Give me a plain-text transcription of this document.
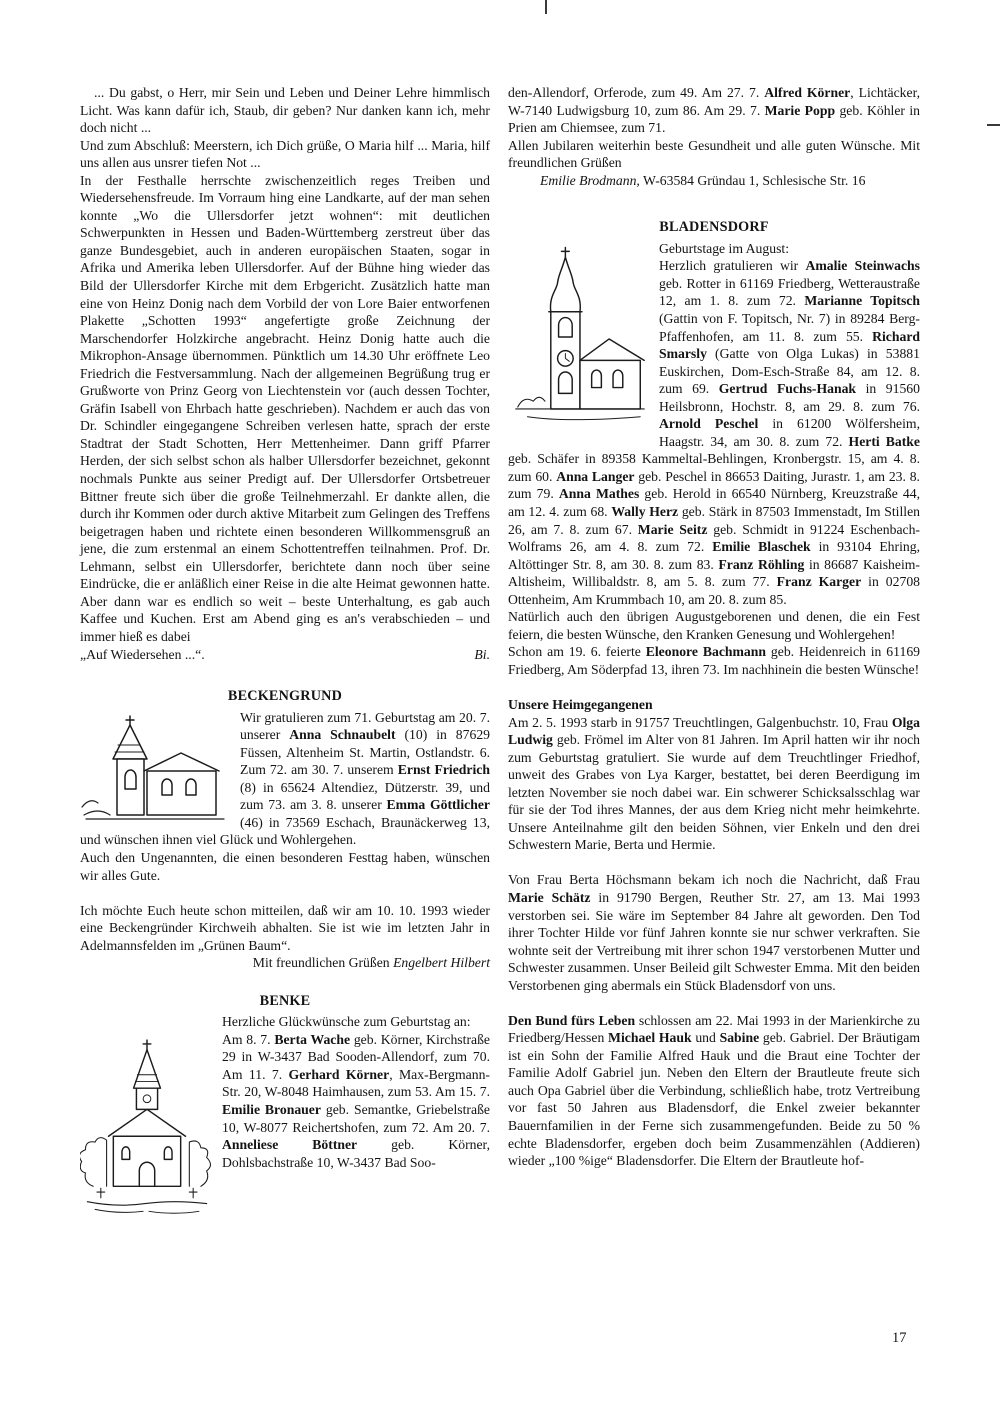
... Du gabst, o Herr, mir Sein und Leben und Deiner Lehre himmlisch Licht. Was kann dafür ich, Staub, dir geben? Nur danken kann ich, mehr doch nicht ...

Und zum Abschluß: Meerstern, ich Dich grüße, O Maria hilf ... Maria, hilf uns allen aus unsrer tiefen Not ...

In der Festhalle herrschte zwischenzeitlich reges Treiben und Wiedersehensfreude. Im Vorraum hing eine Landkarte, auf der man sehen konnte „Wo die Ullersdorfer jetzt wohnen“: mit deutlichen Schwerpunkten in Hessen und Baden-Württemberg zerstreut über das ganze Bundesgebiet, auch in anderen europäischen Staaten, sogar in Afrika und Amerika leben Ullersdorfer. Auf der Bühne hing wieder das Bild der Ullersdorfer Kirche mit dem Erbgericht. Zusätzlich hatte man eine von Heinz Donig nach dem Vorbild der von Lore Baier entworfenen Plakette „Schotten 1993“ angefertigte große Zeichnung der Marschendorfer Holzkirche angebracht. Heinz Donig hatte auch die Mikrophon-Ansage übernommen. Pünktlich um 14.30 Uhr eröffnete Leo Friedrich die Festversammlung. Nach der allgemeinen Begrüßung trug er Grußworte von Prinz Georg von Liechtenstein vor (auch dessen Tochter, Gräfin Isabell von Ehrbach hatte geschrieben). Nachdem er auch das von Dr. Schindler eingegangene Schreiben verlesen hatte, sprach der erste Stadtrat der Stadt Schotten, Herr Mettenheimer. Dann griff Pfarrer Herden, der sich selbst schon als halber Ullersdorfer bezeichnet, gekonnt nochmals Punkte aus seiner Predigt auf. Der Ullersdorfer Ortsbetreuer Bittner freute sich über die große Teilnehmerzahl. Er dankte allen, die durch ihr Kommen oder durch aktive Mitarbeit zum Gelingen des Treffens beigetragen haben und richtete einen besonderen Willkommensgruß an jene, die zum erstenmal an einem Schottentreffen teilnahmen. Prof. Dr. Lehmann, selbst ein Ullersdorfer, berichtete dann noch über seine Eindrücke, die er anläßlich einer Reise in die alte Heimat gewonnen hatte. Aber dann war es endlich so weit – beste Unterhaltung, es gab auch Kaffee und Kuchen. Erst am Abend ging es an's verabschieden – und immer hieß es dabei

„Auf Wiedersehen ...“.	Bi.
BECKENGRUND

Wir gratulieren zum 71. Geburtstag am 20. 7. unserer Anna Schnaubelt (10) in 87629 Füssen, Altenheim St. Martin, Ostlandstr. 6. Zum 72. am 30. 7. unserem Ernst Friedrich (8) in 65624 Altendiez, Dützerstr. 39, und zum 73. am 3. 8. unserer Emma Göttlicher (46) in 73569 Eschach, Braunäckerweg 13, und wünschen ihnen viel Glück und Wohlergehen.

Auch den Ungenannten, die einen besonderen Festtag haben, wünschen wir alles Gute.

Ich möchte Euch heute schon mitteilen, daß wir am 10. 10. 1993 wieder eine Beckengründer Kirchweih abhalten. Sie ist wie im letzten Jahr in Adelmannsfelden im „Grünen Baum“.

Mit freundlichen Grüßen Engelbert Hilbert

BENKE

Herzliche Glückwünsche zum Geburtstag an:

Am 8. 7. Berta Wache geb. Körner, Kirchstraße 29 in W-3437 Bad Sooden-Allendorf, zum 70. Am 11. 7. Gerhard Körner, Max-Bergmann-Str. 20, W-8048 Haimhausen, zum 53. Am 15. 7. Emilie Bronauer geb. Semantke, Griebelstraße 10, W-8077 Reichertshofen, zum 72. Am 20. 7. Anneliese Böttner geb. Körner, Dohlsbachstraße 10, W-3437 Bad Soo-

den-Allendorf, Orferode, zum 49. Am 27. 7. Alfred Körner, Lichtäcker, W-7140 Ludwigsburg 10, zum 86. Am 29. 7. Marie Popp geb. Köhler in Prien am Chiemsee, zum 71.

Allen Jubilaren weiterhin beste Gesundheit und alle guten Wünsche. Mit freundlichen Grüßen

Emilie Brodmann, W-63584 Gründau 1, Schlesische Str. 16

BLADENSDORF

Geburtstage im August:

Herzlich gratulieren wir Amalie Steinwachs geb. Rotter in 61169 Friedberg, Wetteraustraße 12, am 1. 8. zum 72. Marianne Topitsch (Gattin von F. Topitsch, Nr. 7) in 89284 Berg-Pfaffenhofen, am 11. 8. zum 55. Richard Smarsly (Gatte von Olga Lukas) in 53881 Euskirchen, Dom-Esch-Straße 84, am 12. 8. zum 69. Gertrud Fuchs-Hanak in 91560 Heilsbronn, Hochstr. 8, am 29. 8. zum 76. Arnold Peschel in 61200 Wölfersheim, Haagstr. 34, am 30. 8. zum 72. Herti Batke geb. Schäfer in 89358 Kammeltal-Behlingen, Kronbergstr. 15, am 4. 8. zum 60. Anna Langer geb. Peschel in 86653 Daiting, Jurastr. 1, am 23. 8. zum 79. Anna Mathes geb. Herold in 66540 Nürnberg, Kreuzstraße 44, am 12. 4. zum 68. Wally Herz geb. Stärk in 87503 Immenstadt, Im Stillen 26, am 7. 8. zum 67. Marie Seitz geb. Schmidt in 91224 Eschenbach-Wolframs 26, am 4. 8. zum 72. Emilie Blaschek in 93104 Ehring, Altöttinger Str. 8, am 30. 8. zum 83. Franz Röhling in 86687 Kaisheim-Altisheim, Willibaldstr. 8, am 5. 8. zum 77. Franz Karger in 02708 Ottenheim, Am Krummbach 10, am 20. 8. zum 85.

Natürlich auch den übrigen Augustgeborenen und denen, die ein Fest feiern, die besten Wünsche, den Kranken Genesung und Wohlergehen!

Schon am 19. 6. feierte Eleonore Bachmann geb. Heidenreich in 61169 Friedberg, Am Söderpfad 13, ihren 73. Im nachhinein die besten Wünsche!

Unsere Heimgegangenen

Am 2. 5. 1993 starb in 91757 Treuchtlingen, Galgenbuchstr. 10, Frau Olga Ludwig geb. Frömel im Alter von 81 Jahren. Im April hatten wir ihr noch zum Geburtstag gratuliert. Sie wurde auf dem Treuchtlinger Friedhof, unweit des Grabes von Lya Karger, bestattet, bei deren Beerdigung im letzten November sie noch dabei war. Ein schwerer Schicksalsschlag war für sie der Tod ihres Mannes, der aus dem Krieg nicht mehr heimkehrte. Unsere Anteilnahme gilt den beiden Söhnen, vier Enkeln und den drei Schwestern Marie, Berta und Hermie.

Von Frau Berta Höchsmann bekam ich noch die Nachricht, daß Frau Marie Schätz in 91790 Bergen, Reuther Str. 27, am 13. Mai 1993 verstorben sei. Sie wäre im September 84 Jahre alt geworden. Den Tod ihrer Tochter Hilde vor fünf Jahren konnte sie nur schwer verkraften. Sie wohnte seit der Vertreibung mit ihrer schon 1947 verstorbenen Mutter und Schwester zusammen. Unser Beileid gilt Schwester Emma. Mit den beiden Verstorbenen ging abermals ein Stück Bladensdorf von uns.

Den Bund fürs Leben schlossen am 22. Mai 1993 in der Marienkirche zu Friedberg/Hessen Michael Hauk und Sabine geb. Gabriel. Der Bräutigam ist ein Sohn der Familie Alfred Hauk und die Braut eine Tochter der Familie Adolf Gabriel jun. Neben den Eltern der Brautleute freute sich auch Opa Gabriel über die Verbindung, schließlich habe, trotz Vertreibung vor fast 50 Jahren aus Bladensdorf, die Enkel zweier bekannter Bauernfamilien in der Ferne sich zusammengefunden. Beide zu 50 % echte Bladensdorfer, ergeben doch beim Zusammenzählen (Addieren) wieder „100 %ige“ Bladensdorfer. Die Eltern der Brautleute hof-

17
